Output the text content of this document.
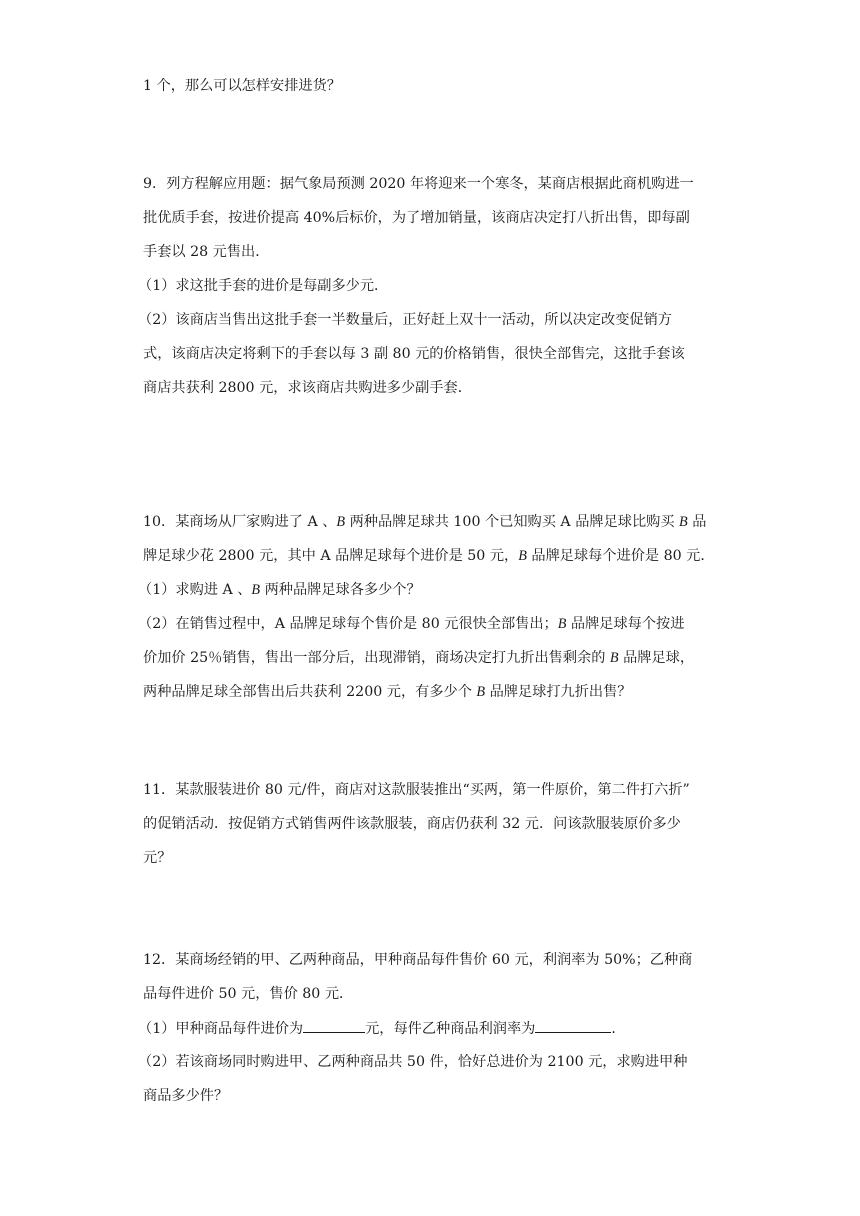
1 个，那么可以怎样安排进货？
9．列方程解应用题：据气象局预测 2020 年将迎来一个寒冬，某商店根据此商机购进一
批优质手套，按进价提高 40%后标价，为了增加销量，该商店决定打八折出售，即每副
手套以 28 元售出．
（1）求这批手套的进价是每副多少元．
（2）该商店当售出这批手套一半数量后，正好赶上双十一活动，所以决定改变促销方
式，该商店决定将剩下的手套以每 3 副 80 元的价格销售，很快全部售完，这批手套该
商店共获利 2800 元，求该商店共购进多少副手套．
10．某商场从厂家购进了 A 、B 两种品牌足球共 100 个已知购买 A 品牌足球比购买 B 品
牌足球少花 2800 元，其中 A 品牌足球每个进价是 50 元，B 品牌足球每个进价是 80 元．
（1）求购进 A 、B 两种品牌足球各多少个？
（2）在销售过程中，A 品牌足球每个售价是 80 元很快全部售出；B 品牌足球每个按进
价加价 25％销售，售出一部分后，出现滞销，商场决定打九折出售剩余的 B 品牌足球，
两种品牌足球全部售出后共获利 2200 元，有多少个 B 品牌足球打九折出售？
11．某款服装进价 80 元/件，商店对这款服装推出“买两，第一件原价，第二件打六折”
的促销活动．按促销方式销售两件该款服装，商店仍获利 32 元．问该款服装原价多少
元？
12．某商场经销的甲、乙两种商品，甲种商品每件售价 60 元，利润率为 50%；乙种商
品每件进价 50 元，售价 80 元．
（1）甲种商品每件进价为	元，每件乙种商品利润率为	．
（2）若该商场同时购进甲、乙两种商品共 50 件，恰好总进价为 2100 元，求购进甲种
商品多少件？
